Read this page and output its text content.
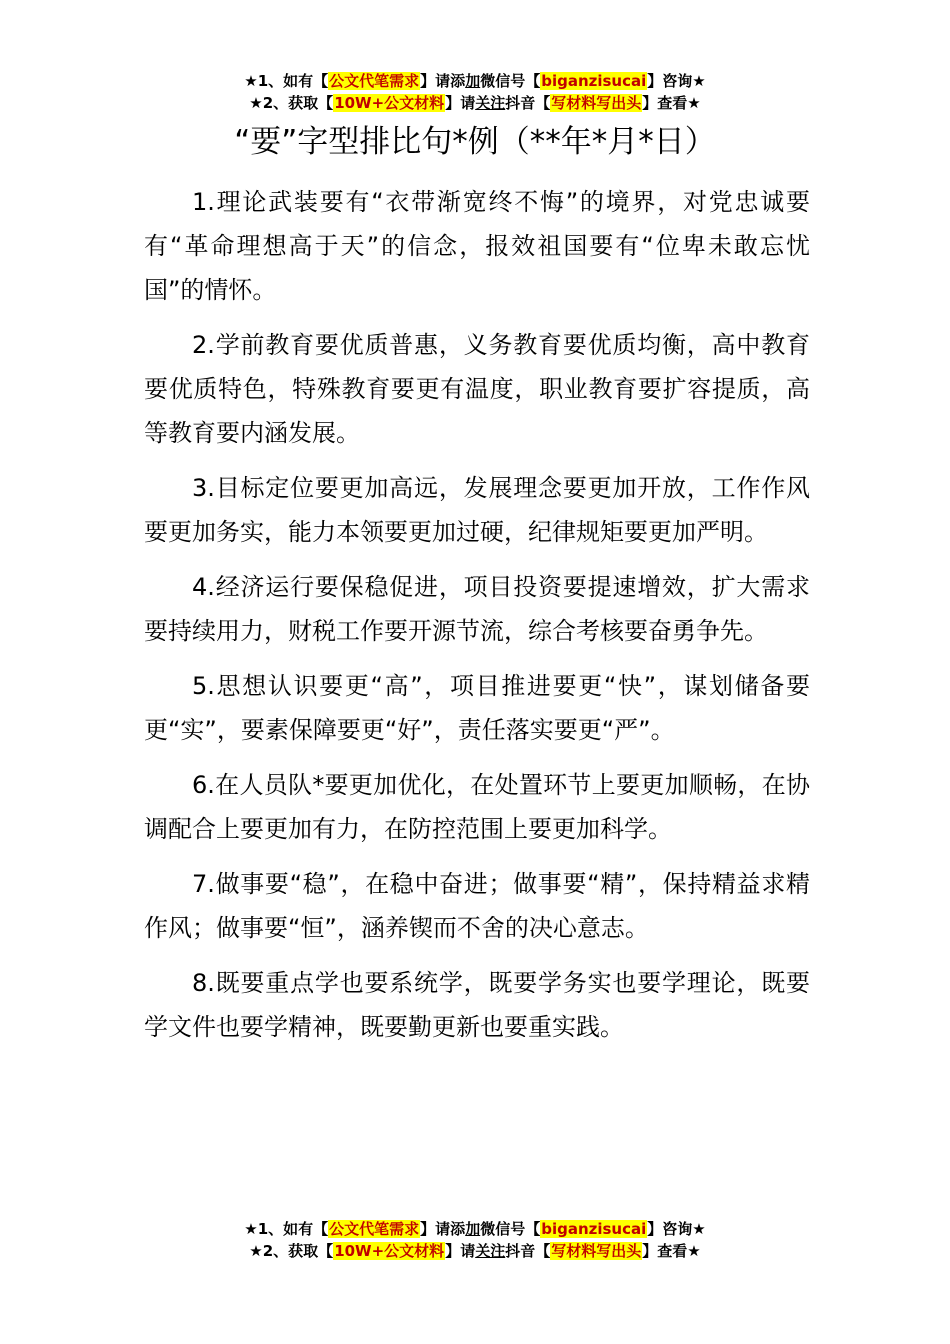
★1、如有【公文代笔需求】请添加微信号【biganzisucai】咨询★
★2、获取【10W+公文材料】请关注抖音【写材料写出头】查看★
“要”字型排比句*例（**年*月*日）

1.理论武装要有“衣带渐宽终不悔”的境界，对党忠诚要有“革命理想高于天”的信念，报效祖国要有“位卑未敢忘忧国”的情怀。

2.学前教育要优质普惠，义务教育要优质均衡，高中教育要优质特色，特殊教育要更有温度，职业教育要扩容提质，高等教育要内涵发展。

3.目标定位要更加高远，发展理念要更加开放，工作作风要更加务实，能力本领要更加过硬，纪律规矩要更加严明。

4.经济运行要保稳促进，项目投资要提速增效，扩大需求要持续用力，财税工作要开源节流，综合考核要奋勇争先。

5.思想认识要更“高”，项目推进要更“快”，谋划储备要更“实”，要素保障要更“好”，责任落实要更“严”。

6.在人员队*要更加优化，在处置环节上要更加顺畅，在协调配合上要更加有力，在防控范围上要更加科学。

7.做事要“稳”，在稳中奋进；做事要“精”，保持精益求精作风；做事要“恒”，涵养锲而不舍的决心意志。

8.既要重点学也要系统学，既要学务实也要学理论，既要学文件也要学精神，既要勤更新也要重实践。

★1、如有【公文代笔需求】请添加微信号【biganzisucai】咨询★
★2、获取【10W+公文材料】请关注抖音【写材料写出头】查看★
